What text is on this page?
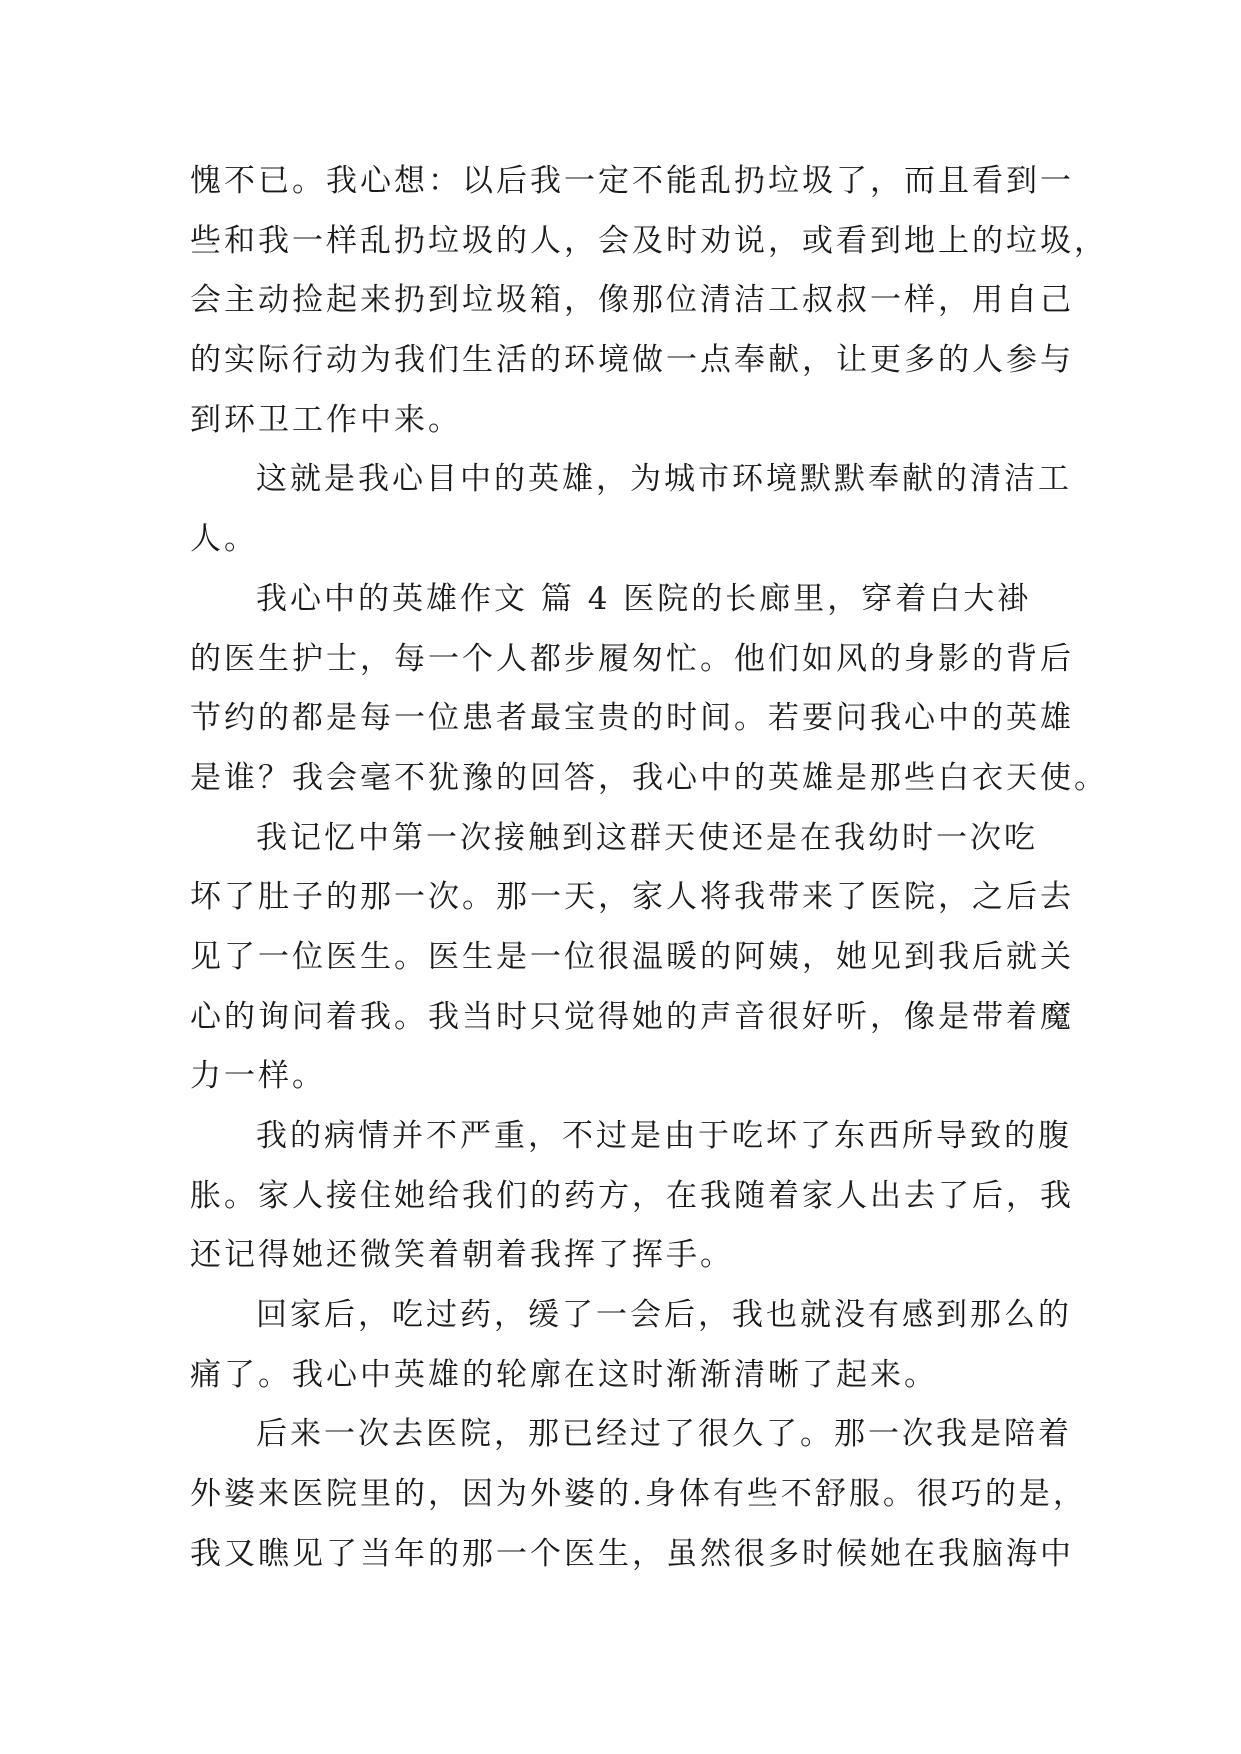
愧不已。我心想：以后我一定不能乱扔垃圾了，而且看到一
些和我一样乱扔垃圾的人，会及时劝说，或看到地上的垃圾，
会主动捡起来扔到垃圾箱，像那位清洁工叔叔一样，用自己
的实际行动为我们生活的环境做一点奉献，让更多的人参与
到环卫工作中来。
这就是我心目中的英雄，为城市环境默默奉献的清洁工
人。
我心中的英雄作文 篇 4 医院的长廊里，穿着白大褂
的医生护士，每一个人都步履匆忙。他们如风的身影的背后
节约的都是每一位患者最宝贵的时间。若要问我心中的英雄
是谁？我会毫不犹豫的回答，我心中的英雄是那些白衣天使。
我记忆中第一次接触到这群天使还是在我幼时一次吃
坏了肚子的那一次。那一天，家人将我带来了医院，之后去
见了一位医生。医生是一位很温暖的阿姨，她见到我后就关
心的询问着我。我当时只觉得她的声音很好听，像是带着魔
力一样。
我的病情并不严重，不过是由于吃坏了东西所导致的腹
胀。家人接住她给我们的药方，在我随着家人出去了后，我
还记得她还微笑着朝着我挥了挥手。
回家后，吃过药，缓了一会后，我也就没有感到那么的
痛了。我心中英雄的轮廓在这时渐渐清晰了起来。
后来一次去医院，那已经过了很久了。那一次我是陪着
外婆来医院里的，因为外婆的.身体有些不舒服。很巧的是，
我又瞧见了当年的那一个医生，虽然很多时候她在我脑海中
